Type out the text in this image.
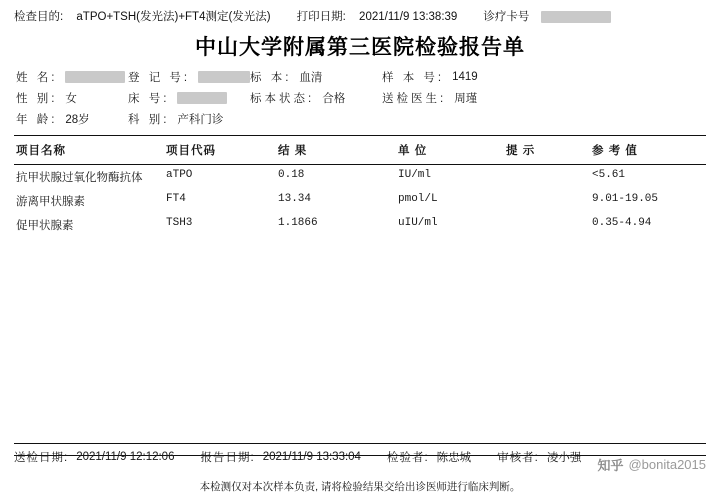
检查目的: aTPO+TSH(发光法)+FT4测定(发光法) 打印日期: 2021/11/9 13:38:39 诊疗卡号
中山大学附属第三医院检验报告单
姓 名:	登 记 号:	标 本: 血清	样 本 号: 1419
性 别: 女	床 号:	标本状态: 合格	送检医生: 周瑾
年 龄: 28岁	科 别: 产科门诊
项目名称	项目代码	结 果	单 位	提 示	参 考 值
抗甲状腺过氧化物酶抗体	aTPO	0.18	IU/ml		<5.61
游离甲状腺素	FT4	13.34	pmol/L		9.01-19.05
促甲状腺素	TSH3	1.1866	uIU/ml		0.35-4.94

送检日期: 2021/11/9 12:12:06 报告日期: 2021/11/9 13:33:04 检验者: 陈忠城 审核者: 凌小强
本检测仅对本次样本负责, 请将检验结果交给出诊医师进行临床判断。
知乎 @bonita2015
